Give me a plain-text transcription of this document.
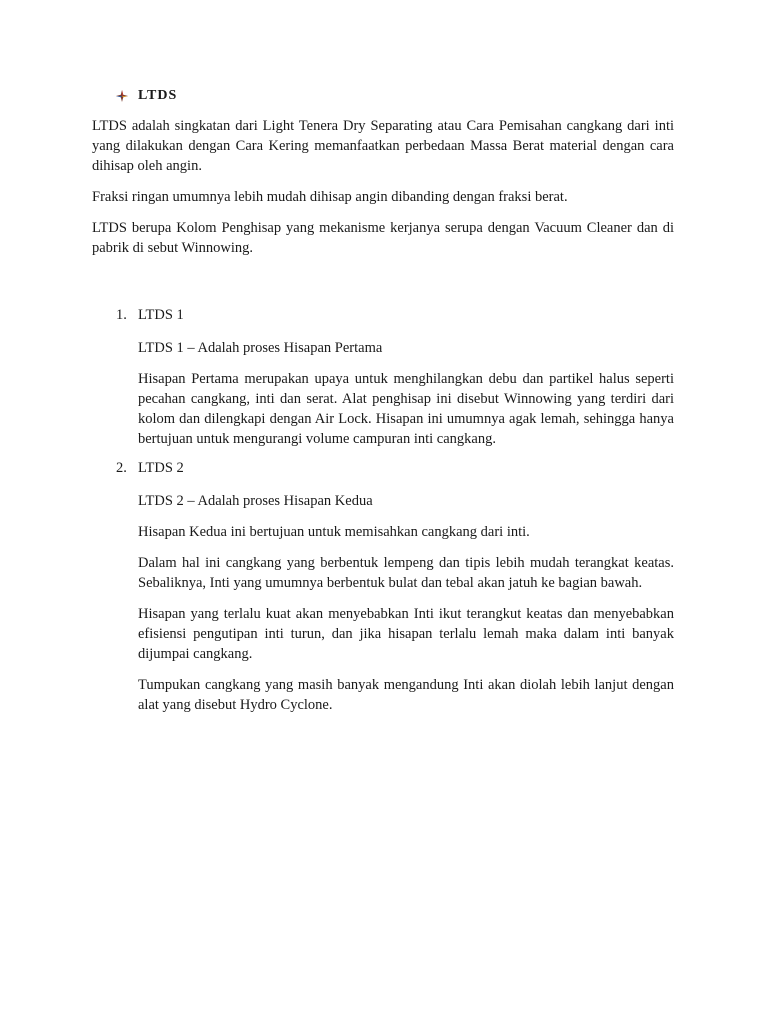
LTDS

LTDS adalah singkatan dari Light Tenera Dry Separating atau Cara Pemisahan cangkang dari inti yang dilakukan dengan Cara Kering memanfaatkan perbedaan Massa Berat material dengan cara dihisap oleh angin.

Fraksi ringan umumnya lebih mudah dihisap angin dibanding dengan fraksi berat.

LTDS berupa Kolom Penghisap yang mekanisme kerjanya serupa dengan Vacuum Cleaner dan di pabrik di sebut Winnowing.

1. LTDS 1

LTDS 1 – Adalah proses Hisapan Pertama

Hisapan Pertama merupakan upaya untuk menghilangkan debu dan partikel halus seperti pecahan cangkang, inti dan serat. Alat penghisap ini disebut Winnowing yang terdiri dari kolom dan dilengkapi dengan Air Lock. Hisapan ini umumnya agak lemah, sehingga hanya bertujuan untuk mengurangi volume campuran inti cangkang.

2. LTDS 2

LTDS 2 – Adalah proses Hisapan Kedua

Hisapan Kedua ini bertujuan untuk memisahkan cangkang dari inti.

Dalam hal ini cangkang yang berbentuk lempeng dan tipis lebih mudah terangkat keatas. Sebaliknya, Inti yang umumnya berbentuk bulat dan tebal akan jatuh ke bagian bawah.

Hisapan yang terlalu kuat akan menyebabkan Inti ikut terangkut keatas dan menyebabkan efisiensi pengutipan inti turun, dan jika hisapan terlalu lemah maka dalam inti banyak dijumpai cangkang.

Tumpukan cangkang yang masih banyak mengandung Inti akan diolah lebih lanjut dengan alat yang disebut Hydro Cyclone.
